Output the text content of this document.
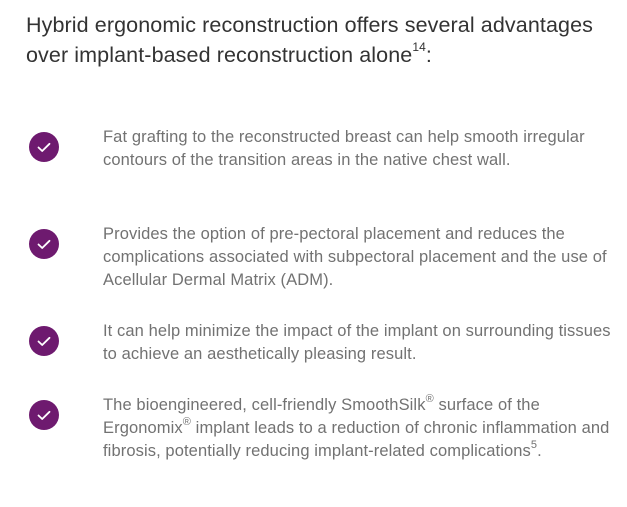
Hybrid ergonomic reconstruction offers several advantages over implant-based reconstruction alone$^{14}$:

Fat grafting to the reconstructed breast can help smooth irregular contours of the transition areas in the native chest wall.

Provides the option of pre-pectoral placement and reduces the complications associated with subpectoral placement and the use of Acellular Dermal Matrix (ADM).

It can help minimize the impact of the implant on surrounding tissues to achieve an aesthetically pleasing result.

The bioengineered, cell-friendly SmoothSilk® surface of the Ergonomix® implant leads to a reduction of chronic inflammation and fibrosis, potentially reducing implant-related complications$^5$.
